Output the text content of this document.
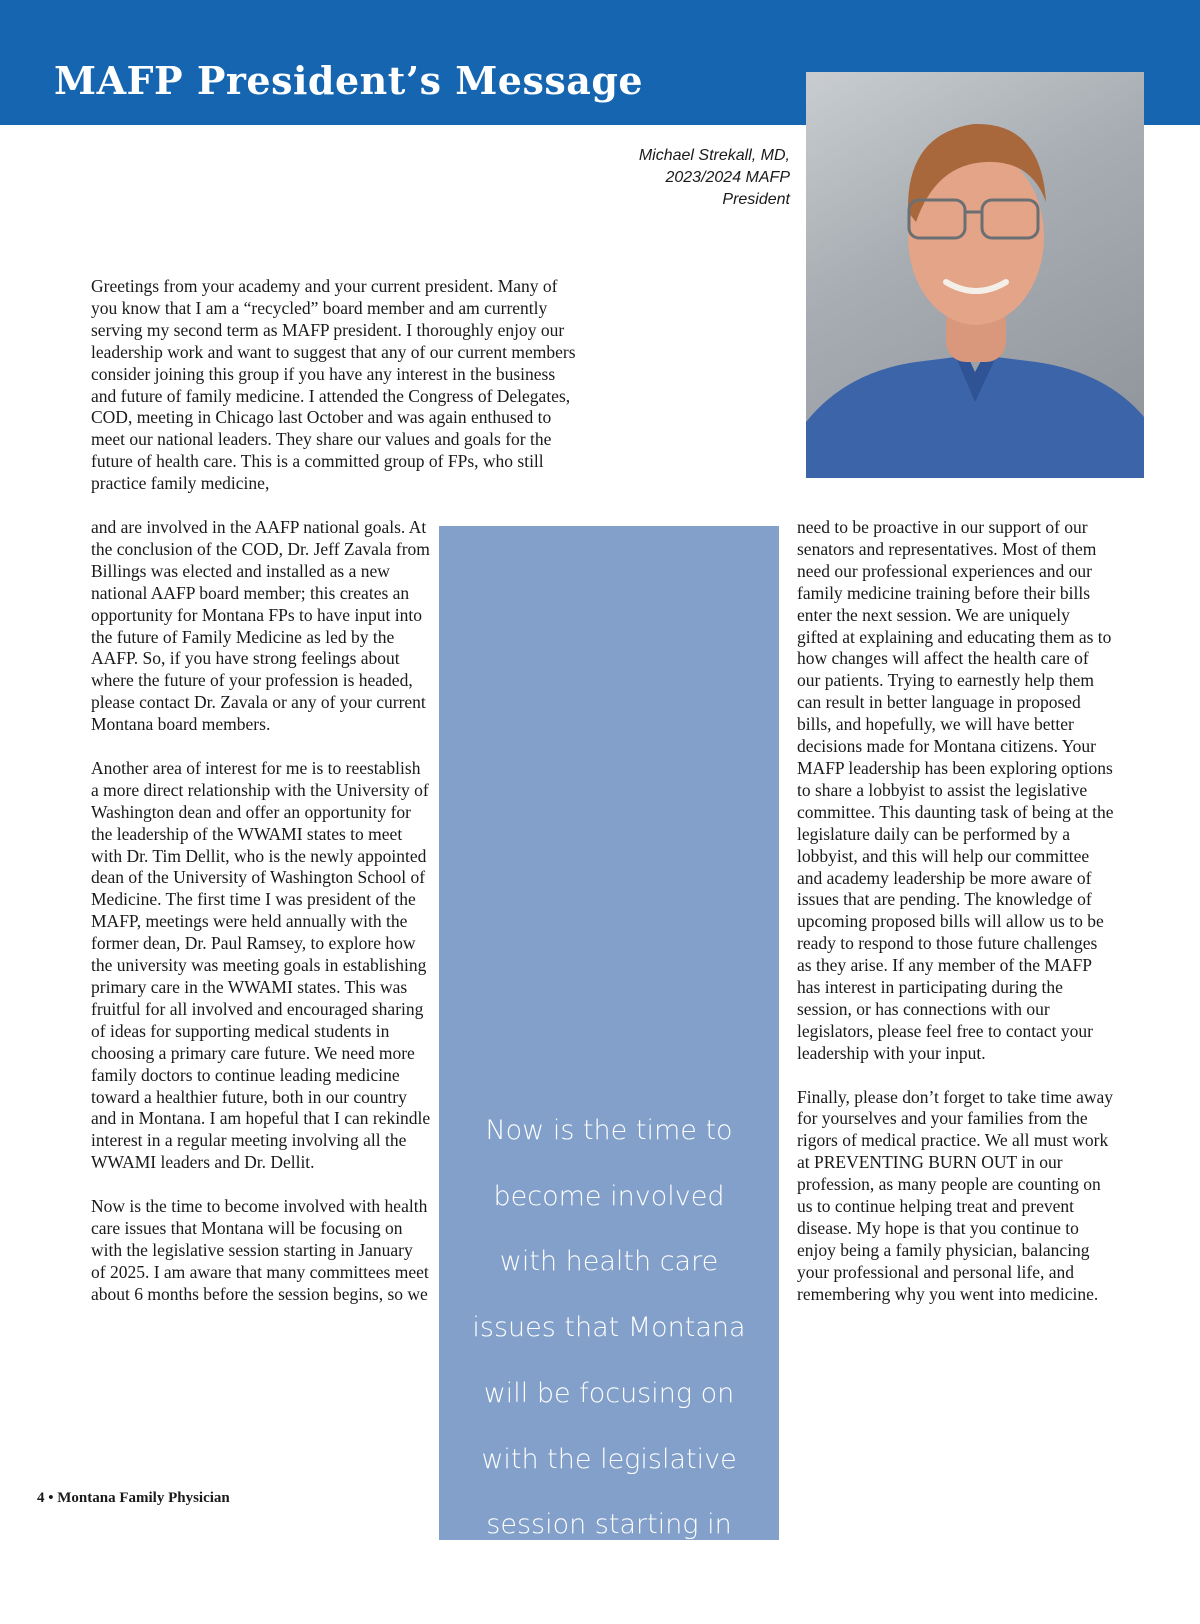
MAFP President’s Message
Michael Strekall, MD,
2023/2024 MAFP
President

Greetings from your academy and your current president. Many of you know that I am a “recycled” board member and am currently serving my second term as MAFP president. I thoroughly enjoy our leadership work and want to suggest that any of our current members consider joining this group if you have any interest in the business and future of family medicine. I attended the Congress of Delegates, COD, meeting in Chicago last October and was again enthused to meet our national leaders. They share our values and goals for the future of health care. This is a committed group of FPs, who still practice family medicine,

and are involved in the AAFP national goals. At the conclusion of the COD, Dr. Jeff Zavala from Billings was elected and installed as a new national AAFP board member; this creates an opportunity for Montana FPs to have input into the future of Family Medicine as led by the AAFP. So, if you have strong feelings about where the future of your profession is headed, please contact Dr. Zavala or any of your current Montana board members.

Another area of interest for me is to reestablish a more direct relationship with the University of Washington dean and offer an opportunity for the leadership of the WWAMI states to meet with Dr. Tim Dellit, who is the newly appointed dean of the University of Washington School of Medicine. The first time I was president of the MAFP, meetings were held annually with the former dean, Dr. Paul Ramsey, to explore how the university was meeting goals in establishing primary care in the WWAMI states. This was fruitful for all involved and encouraged sharing of ideas for supporting medical students in choosing a primary care future. We need more family doctors to continue leading medicine toward a healthier future, both in our country and in Montana. I am hopeful that I can rekindle interest in a regular meeting involving all the WWAMI leaders and Dr. Dellit.

Now is the time to become involved with health care issues that Montana will be focusing on with the legislative session starting in January of 2025. I am aware that many committees meet about 6 months before the session begins, so we

Now is the time to become involved with health care issues that Montana will be focusing on with the legislative session starting in January of 2025.

need to be proactive in our support of our senators and representatives. Most of them need our professional experiences and our family medicine training before their bills enter the next session. We are uniquely gifted at explaining and educating them as to how changes will affect the health care of our patients. Trying to earnestly help them can result in better language in proposed bills, and hopefully, we will have better decisions made for Montana citizens. Your MAFP leadership has been exploring options to share a lobbyist to assist the legislative committee. This daunting task of being at the legislature daily can be performed by a lobbyist, and this will help our committee and academy leadership be more aware of issues that are pending. The knowledge of upcoming proposed bills will allow us to be ready to respond to those future challenges as they arise. If any member of the MAFP has interest in participating during the session, or has connections with our legislators, please feel free to contact your leadership with your input.

Finally, please don’t forget to take time away for yourselves and your families from the rigors of medical practice. We all must work at PREVENTING BURN OUT in our profession, as many people are counting on us to continue helping treat and prevent disease. My hope is that you continue to enjoy being a family physician, balancing your professional and personal life, and remembering why you went into medicine.

4 • Montana Family Physician
